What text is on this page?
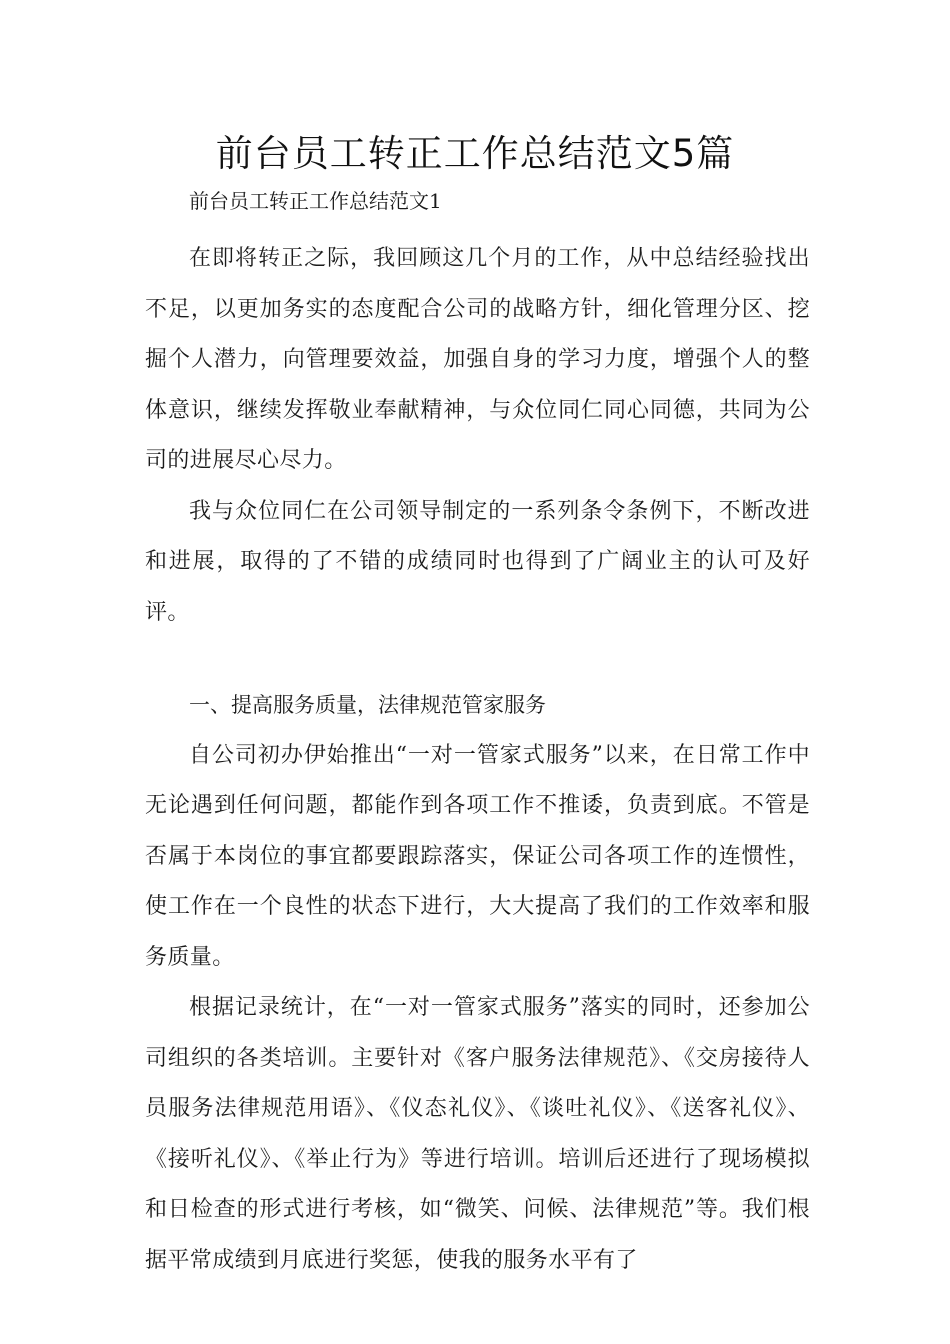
前台员工转正工作总结范文5篇

前台员工转正工作总结范文1

在即将转正之际，我回顾这几个月的工作，从中总结经验找出不足，以更加务实的态度配合公司的战略方针，细化管理分区、挖掘个人潜力，向管理要效益，加强自身的学习力度，增强个人的整体意识，继续发挥敬业奉献精神，与众位同仁同心同德，共同为公司的进展尽心尽力。

我与众位同仁在公司领导制定的一系列条令条例下，不断改进和进展，取得的了不错的成绩同时也得到了广阔业主的认可及好评。

一、提高服务质量，法律规范管家服务

自公司初办伊始推出“一对一管家式服务”以来，在日常工作中无论遇到任何问题，都能作到各项工作不推诿，负责到底。不管是否属于本岗位的事宜都要跟踪落实，保证公司各项工作的连惯性，使工作在一个良性的状态下进行，大大提高了我们的工作效率和服务质量。

根据记录统计，在“一对一管家式服务”落实的同时，还参加公司组织的各类培训。主要针对《客户服务法律规范》、《交房接待人员服务法律规范用语》、《仪态礼仪》、《谈吐礼仪》、《送客礼仪》、《接听礼仪》、《举止行为》等进行培训。培训后还进行了现场模拟和日检查的形式进行考核，如“微笑、问候、法律规范”等。我们根据平常成绩到月底进行奖惩，使我的服务水平有了
